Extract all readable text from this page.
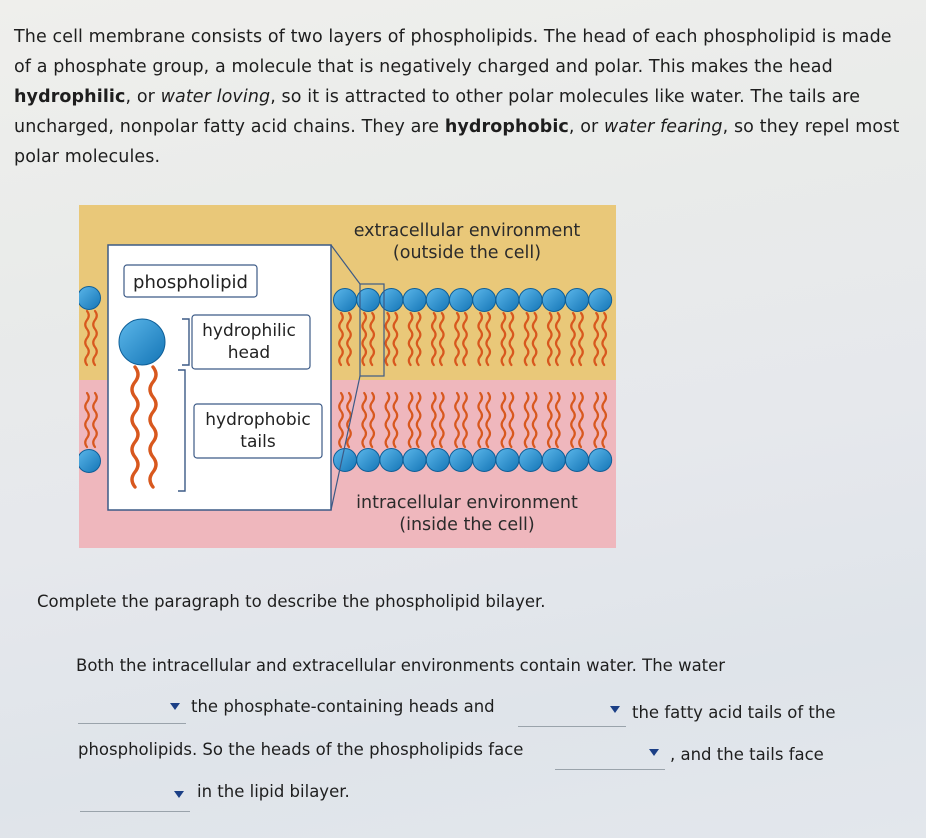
The cell membrane consists of two layers of phospholipids. The head of each phospholipid is made of a phosphate group, a molecule that is negatively charged and polar. This makes the head hydrophilic, or water loving, so it is attracted to other polar molecules like water. The tails are uncharged, nonpolar fatty acid chains. They are hydrophobic, or water fearing, so they repel most polar molecules.
phospholipid
hydrophilic
head
hydrophobic
tails
extracellular environment
(outside the cell)
intracellular environment
(inside the cell)
Complete the paragraph to describe the phospholipid bilayer.
Both the intracellular and extracellular environments contain water. The water
the phosphate-containing heads and	the fatty acid tails of the
phospholipids. So the heads of the phospholipids face	, and the tails face
in the lipid bilayer.
